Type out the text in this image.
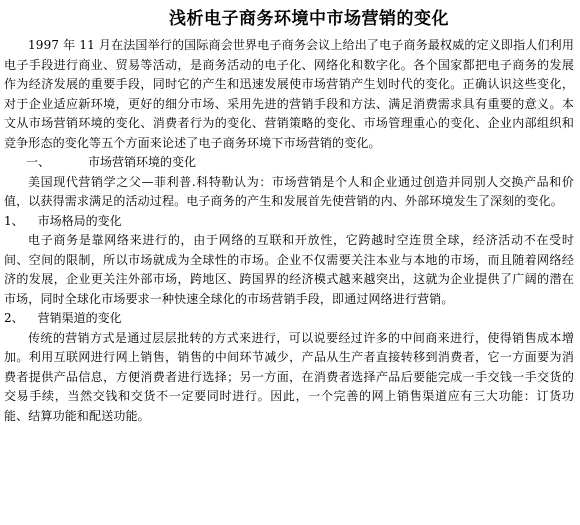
浅析电子商务环境中市场营销的变化

1997 年 11 月在法国举行的国际商会世界电子商务会议上给出了电子商务最权威的定义即指人们利用电子手段进行商业、贸易等活动，是商务活动的电子化、网络化和数字化。各个国家都把电子商务的发展作为经济发展的重要手段，同时它的产生和迅速发展使市场营销产生划时代的变化。正确认识这些变化，对于企业适应新环境，更好的细分市场、采用先进的营销手段和方法、满足消费需求具有重要的意义。本文从市场营销环境的变化、消费者行为的变化、营销策略的变化、市场管理重心的变化、企业内部组织和竞争形态的变化等五个方面来论述了电子商务环境下市场营销的变化。

一、	市场营销环境的变化

美国现代营销学之父—菲利普.科特勒认为：市场营销是个人和企业通过创造并同别人交换产品和价值，以获得需求满足的活动过程。电子商务的产生和发展首先使营销的内、外部环境发生了深刻的变化。

1、 市场格局的变化

电子商务是靠网络来进行的，由于网络的互联和开放性，它跨越时空连贯全球，经济活动不在受时间、空间的限制，所以市场就成为全球性的市场。企业不仅需要关注本业与本地的市场，而且随着网络经济的发展，企业更关注外部市场，跨地区、跨国界的经济模式越来越突出，这就为企业提供了广阔的潜在市场，同时全球化市场要求一种快速全球化的市场营销手段，即通过网络进行营销。

2、 营销渠道的变化

传统的营销方式是通过层层批转的方式来进行，可以说要经过许多的中间商来进行，使得销售成本增加。利用互联网进行网上销售，销售的中间环节减少，产品从生产者直接转移到消费者，它一方面要为消费者提供产品信息，方便消费者进行选择；另一方面，在消费者选择产品后要能完成一手交钱一手交货的交易手续，当然交钱和交货不一定要同时进行。因此，一个完善的网上销售渠道应有三大功能：订货功能、结算功能和配送功能。
